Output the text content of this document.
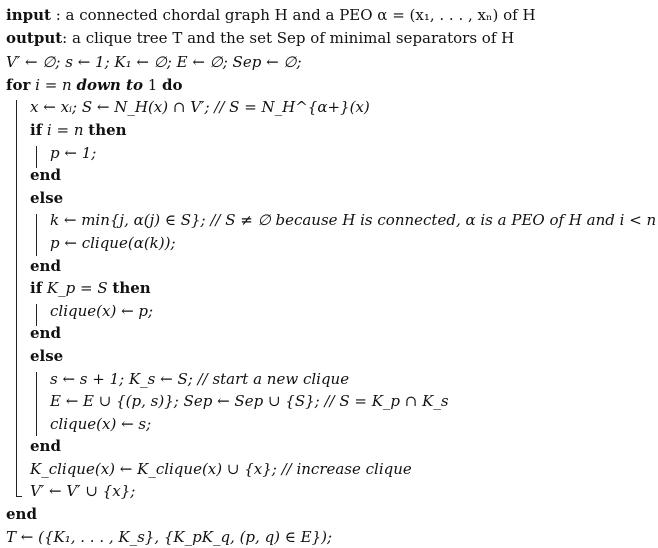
input : a connected chordal graph H and a PEO α = (x₁, . . . , xₙ) of H
output: a clique tree T and the set Sep of minimal separators of H
V′ ← ∅; s ← 1; K₁ ← ∅; E ← ∅; Sep ← ∅;
for i = n down to 1 do
x ← xᵢ; S ← N_H(x) ∩ V′; // S = N_H^{α+}(x)
if i = n then
p ← 1;
end
else
k ← min{j, α(j) ∈ S}; // S ≠ ∅ because H is connected, α is a PEO of H and i < n
p ← clique(α(k));
end
if K_p = S then
clique(x) ← p;
end
else
s ← s + 1; K_s ← S; // start a new clique
E ← E ∪ {(p, s)}; Sep ← Sep ∪ {S}; // S = K_p ∩ K_s
clique(x) ← s;
end
K_clique(x) ← K_clique(x) ∪ {x}; // increase clique
V′ ← V′ ∪ {x};
end
T ← ({K₁, . . . , K_s}, {K_pK_q, (p, q) ∈ E});
